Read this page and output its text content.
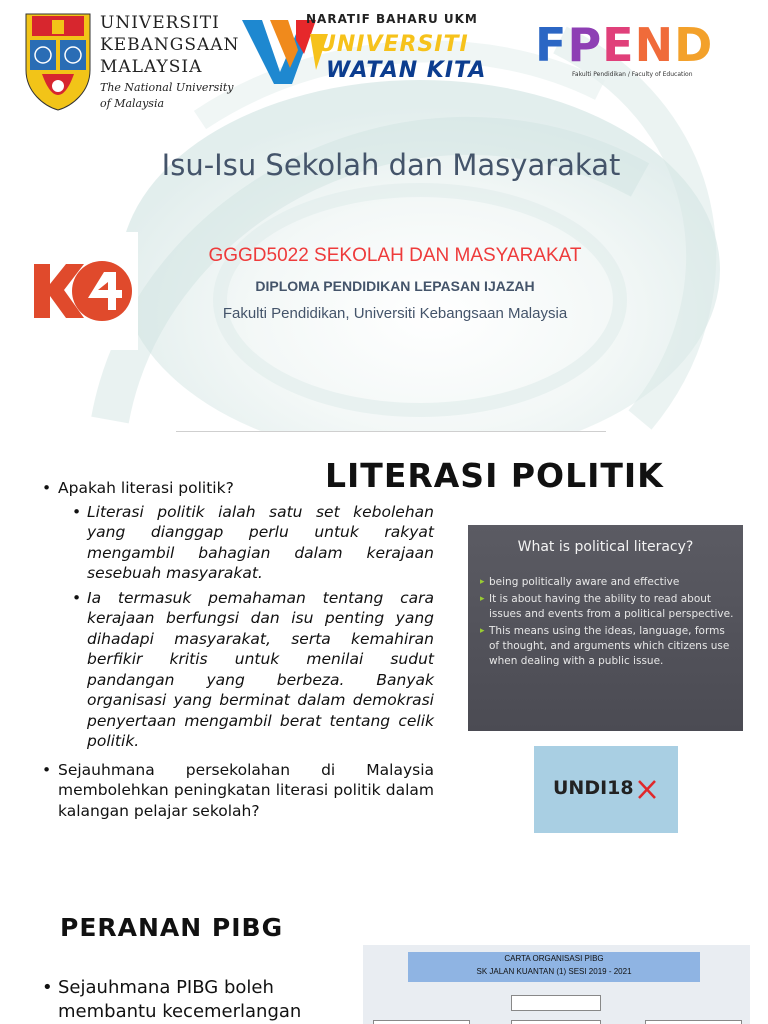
UNIVERSITI
KEBANGSAAN
MALAYSIA
The National University
of Malaysia
NARATIF BAHARU UKM
UNIVERSITI
WATAN KITA FPEND
Fakulti Pendidikan / Faculty of Education
Isu-Isu Sekolah dan Masyarakat
GGGD5022 SEKOLAH DAN MASYARAKAT
DIPLOMA PENDIDIKAN LEPASAN IJAZAH
Fakulti Pendidikan, Universiti Kebangsaan Malaysia
LITERASI POLITIK
• Apakah literasi politik?
• Literasi politik ialah satu set kebolehan yang dianggap perlu untuk rakyat mengambil bahagian dalam kerajaan sesebuah masyarakat.
• Ia termasuk pemahaman tentang cara kerajaan berfungsi dan isu penting yang dihadapi masyarakat, serta kemahiran berfikir kritis untuk menilai sudut pandangan yang berbeza. Banyak organisasi yang berminat dalam demokrasi penyertaan mengambil berat tentang celik politik.
• Sejauhmana persekolahan di Malaysia membolehkan peningkatan literasi politik dalam kalangan pelajar sekolah?
What is political literacy?
▸ being politically aware and effective
▸ It is about having the ability to read about issues and events from a political perspective.
▸ This means using the ideas, language, forms of thought, and arguments which citizens use when dealing with a public issue.
UNDI18
PERANAN PIBG
• Sejauhmana PIBG boleh
membantu kecemerlangan
CARTA ORGANISASI PIBG
SK JALAN KUANTAN (1) SESI 2019 - 2021
